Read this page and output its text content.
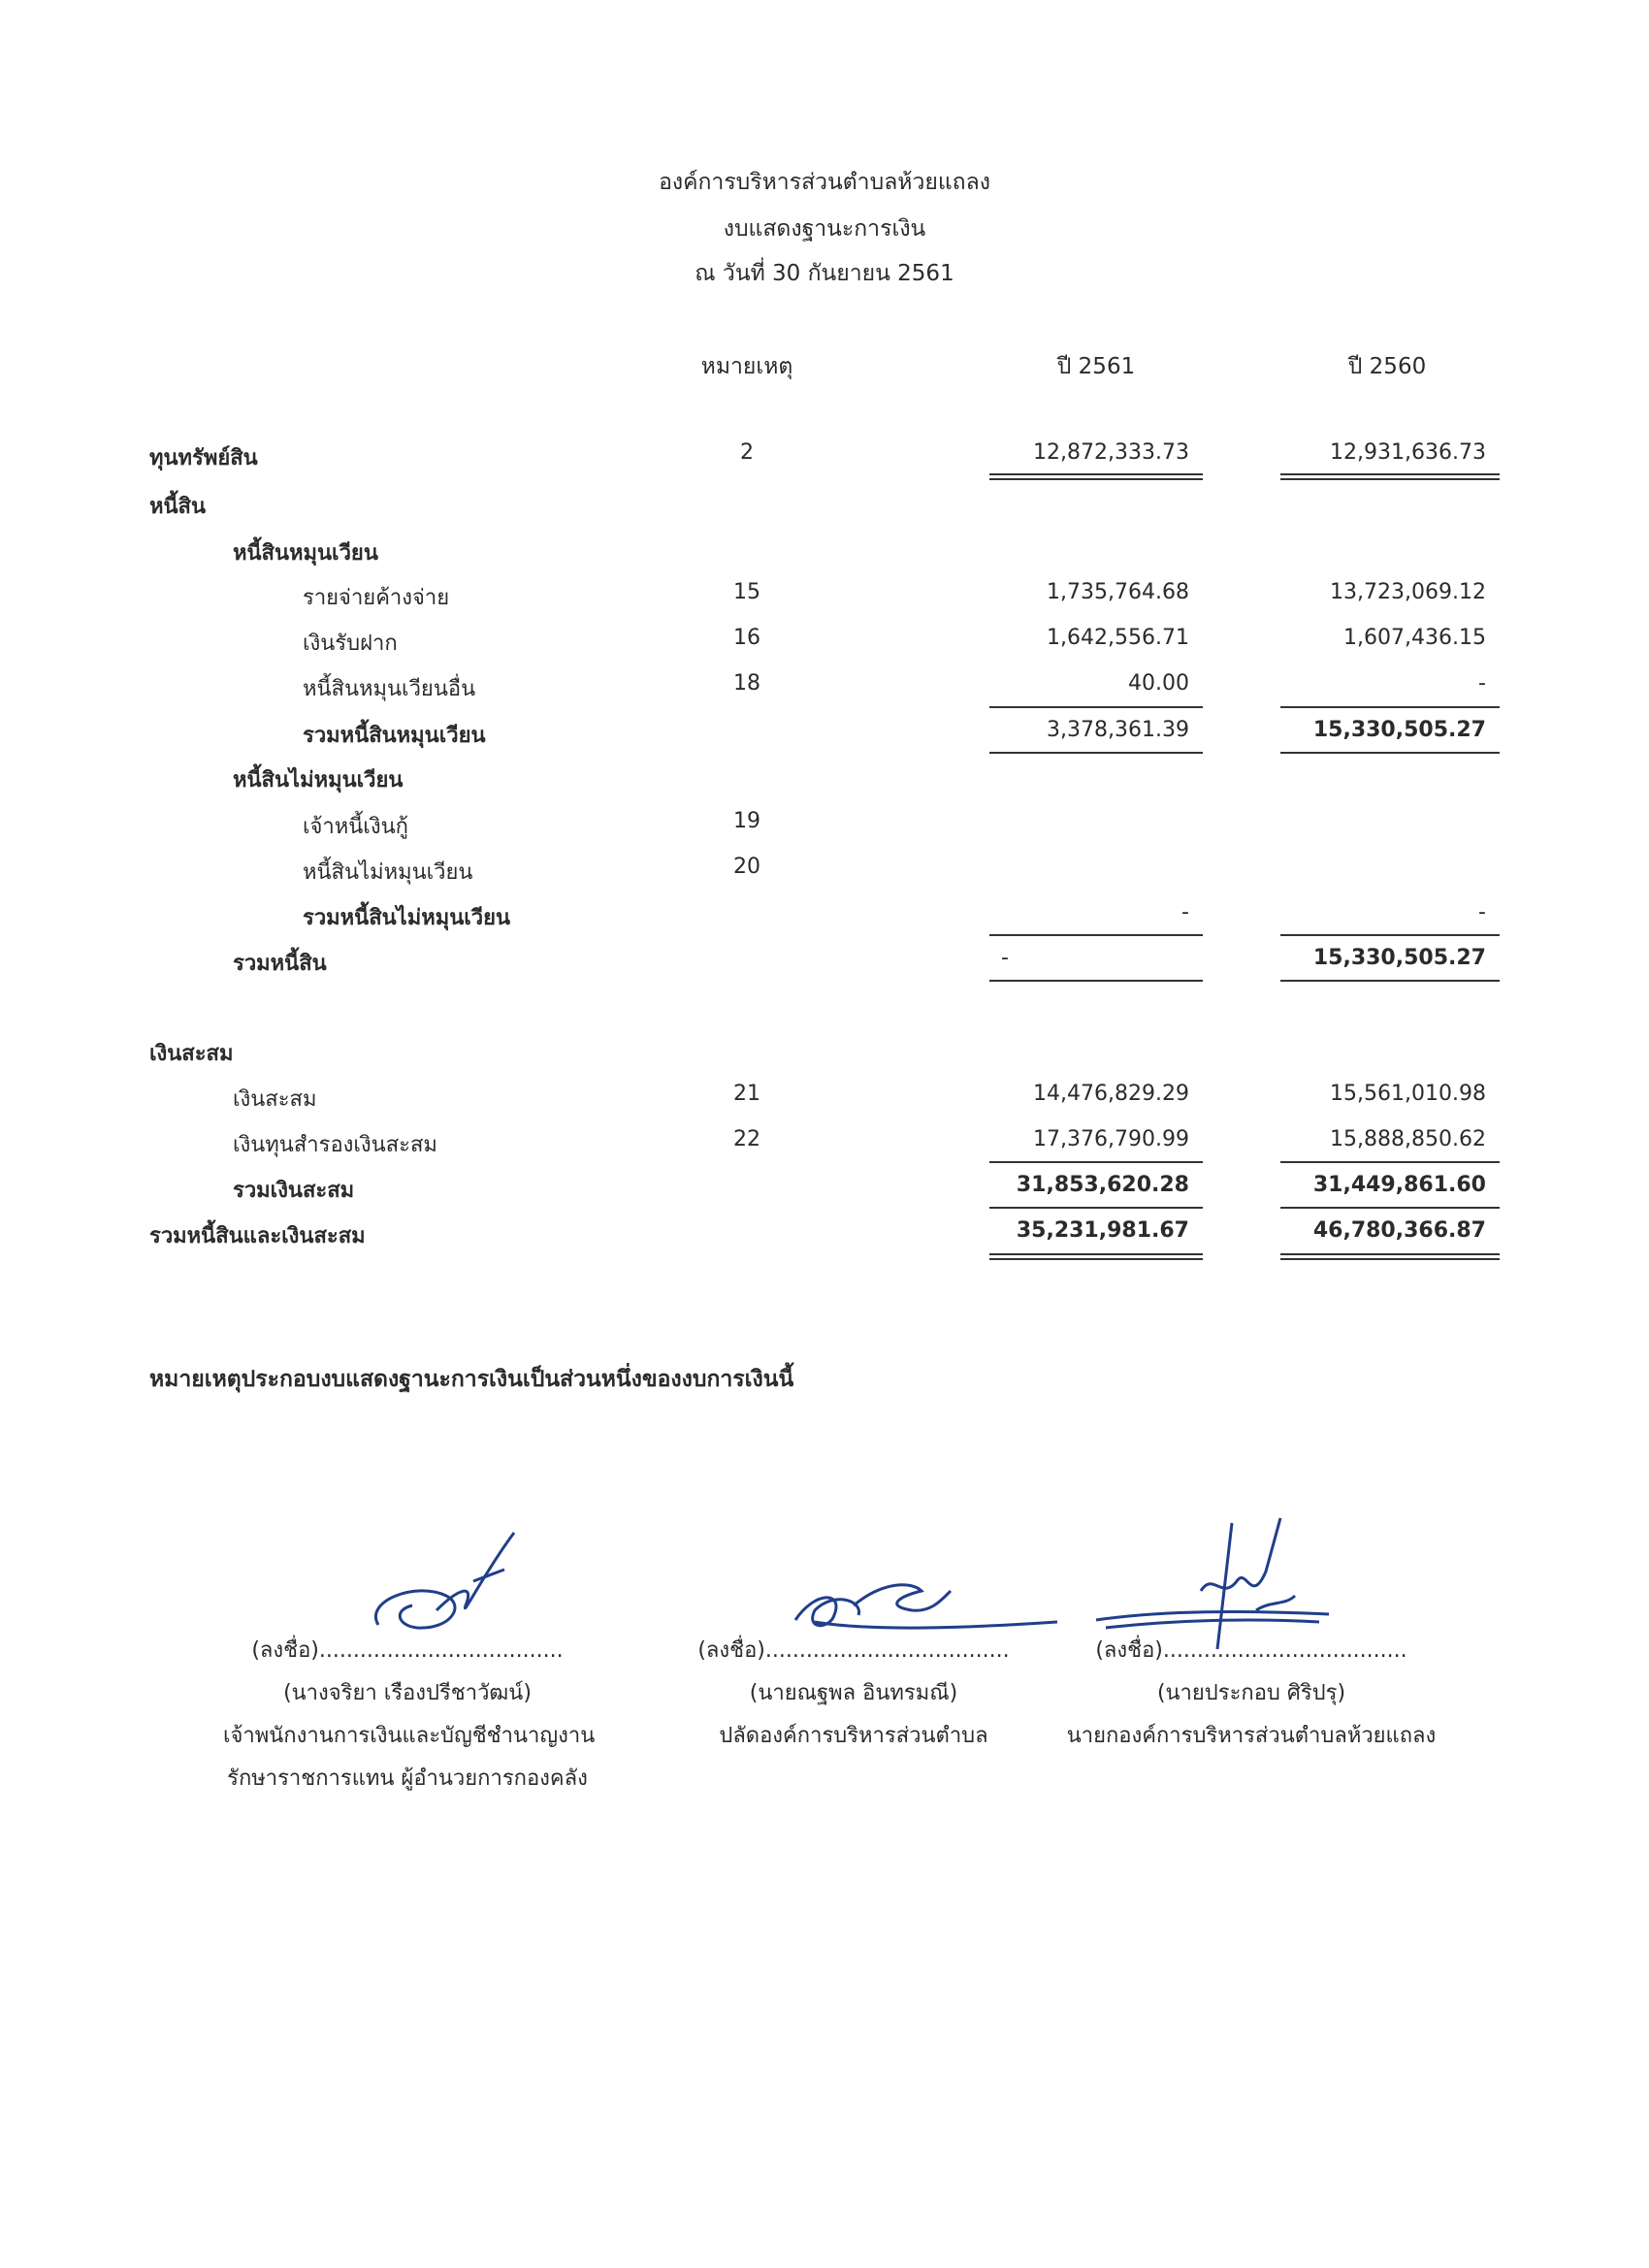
องค์การบริหารส่วนตำบลห้วยแถลง
งบแสดงฐานะการเงิน
ณ วันที่ 30 กันยายน 2561
หมายเหตุ	ปี 2561	ปี 2560
ทุนทรัพย์สิน	2	12,872,333.73	12,931,636.73
หนี้สิน
หนี้สินหมุนเวียน
รายจ่ายค้างจ่าย	15	1,735,764.68	13,723,069.12
เงินรับฝาก	16	1,642,556.71	1,607,436.15
หนี้สินหมุนเวียนอื่น	18	40.00	-
รวมหนี้สินหมุนเวียน	3,378,361.39	15,330,505.27
หนี้สินไม่หมุนเวียน
เจ้าหนี้เงินกู้	19
หนี้สินไม่หมุนเวียน	20
รวมหนี้สินไม่หมุนเวียน	-	-
รวมหนี้สิน	-	15,330,505.27
เงินสะสม
เงินสะสม	21	14,476,829.29	15,561,010.98
เงินทุนสำรองเงินสะสม	22	17,376,790.99	15,888,850.62
รวมเงินสะสม	31,853,620.28	31,449,861.60
รวมหนี้สินและเงินสะสม	35,231,981.67	46,780,366.87
หมายเหตุประกอบงบแสดงฐานะการเงินเป็นส่วนหนึ่งของงบการเงินนี้
(ลงชื่อ)....................................
(นางจริยา เรืองปรีชาวัฒน์)
เจ้าพนักงานการเงินและบัญชีชำนาญงาน
รักษาราชการแทน ผู้อำนวยการกองคลัง
(ลงชื่อ)....................................
(นายณฐพล อินทรมณี)
ปลัดองค์การบริหารส่วนตำบล
(ลงชื่อ)....................................
(นายประกอบ ศิริปรุ)
นายกองค์การบริหารส่วนตำบลห้วยแถลง
